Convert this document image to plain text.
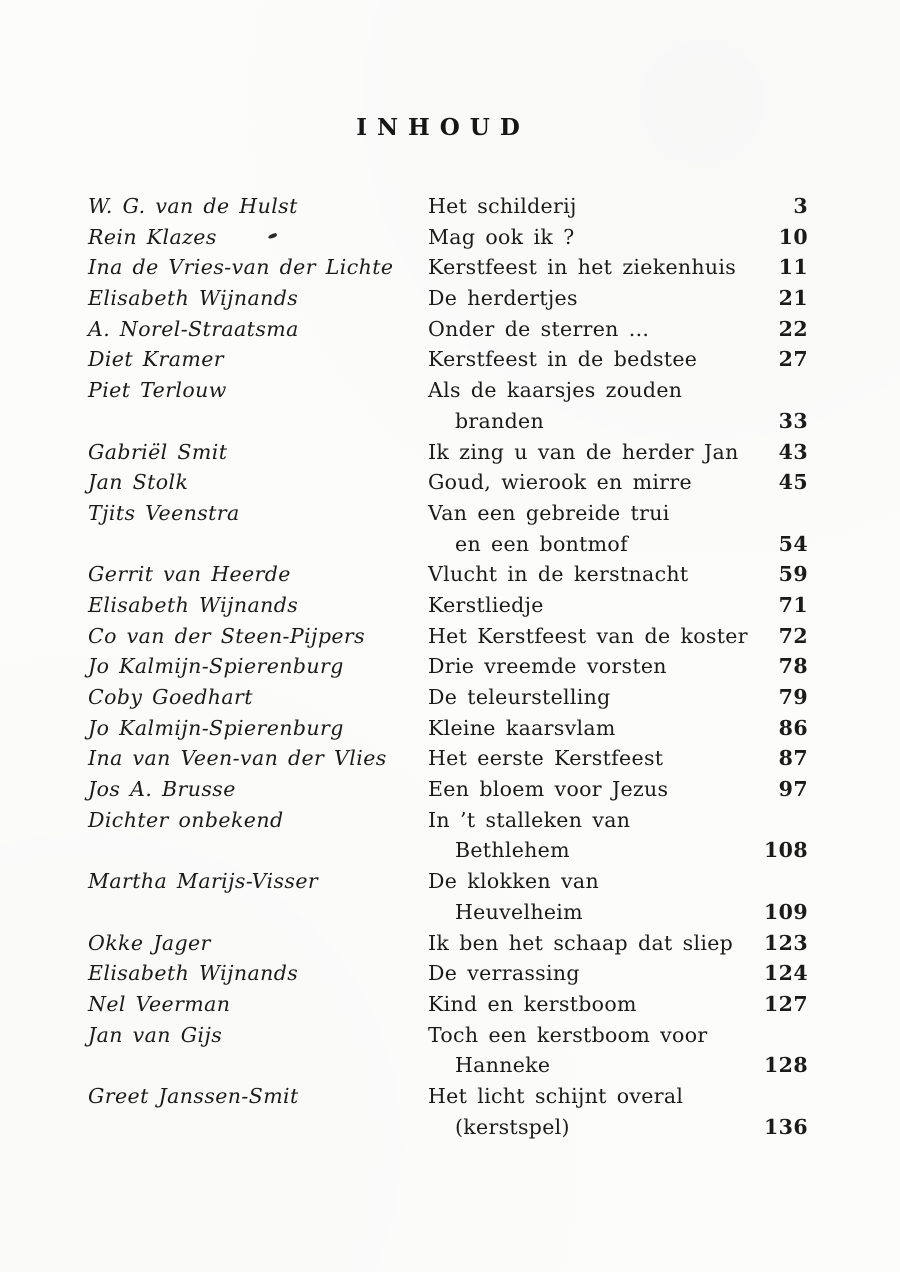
INHOUD
W. G. van de Hulst	Het schilderij	3
Rein Klazes	Mag ook ik ?	10
Ina de Vries-van der Lichte	Kerstfeest in het ziekenhuis	11
Elisabeth Wijnands	De herdertjes	21
A. Norel-Straatsma	Onder de sterren ...	22
Diet Kramer	Kerstfeest in de bedstee	27
Piet Terlouw	Als de kaarsjes zouden
branden	33
Gabriël Smit	Ik zing u van de herder Jan	43
Jan Stolk	Goud, wierook en mirre	45
Tjits Veenstra	Van een gebreide trui
en een bontmof	54
Gerrit van Heerde	Vlucht in de kerstnacht	59
Elisabeth Wijnands	Kerstliedje	71
Co van der Steen-Pijpers	Het Kerstfeest van de koster	72
Jo Kalmijn-Spierenburg	Drie vreemde vorsten	78
Coby Goedhart	De teleurstelling	79
Jo Kalmijn-Spierenburg	Kleine kaarsvlam	86
Ina van Veen-van der Vlies	Het eerste Kerstfeest	87
Jos A. Brusse	Een bloem voor Jezus	97
Dichter onbekend	In ’t stalleken van
Bethlehem	108
Martha Marijs-Visser	De klokken van
Heuvelheim	109
Okke Jager	Ik ben het schaap dat sliep	123
Elisabeth Wijnands	De verrassing	124
Nel Veerman	Kind en kerstboom	127
Jan van Gijs	Toch een kerstboom voor
Hanneke	128
Greet Janssen-Smit	Het licht schijnt overal
(kerstspel)	136
